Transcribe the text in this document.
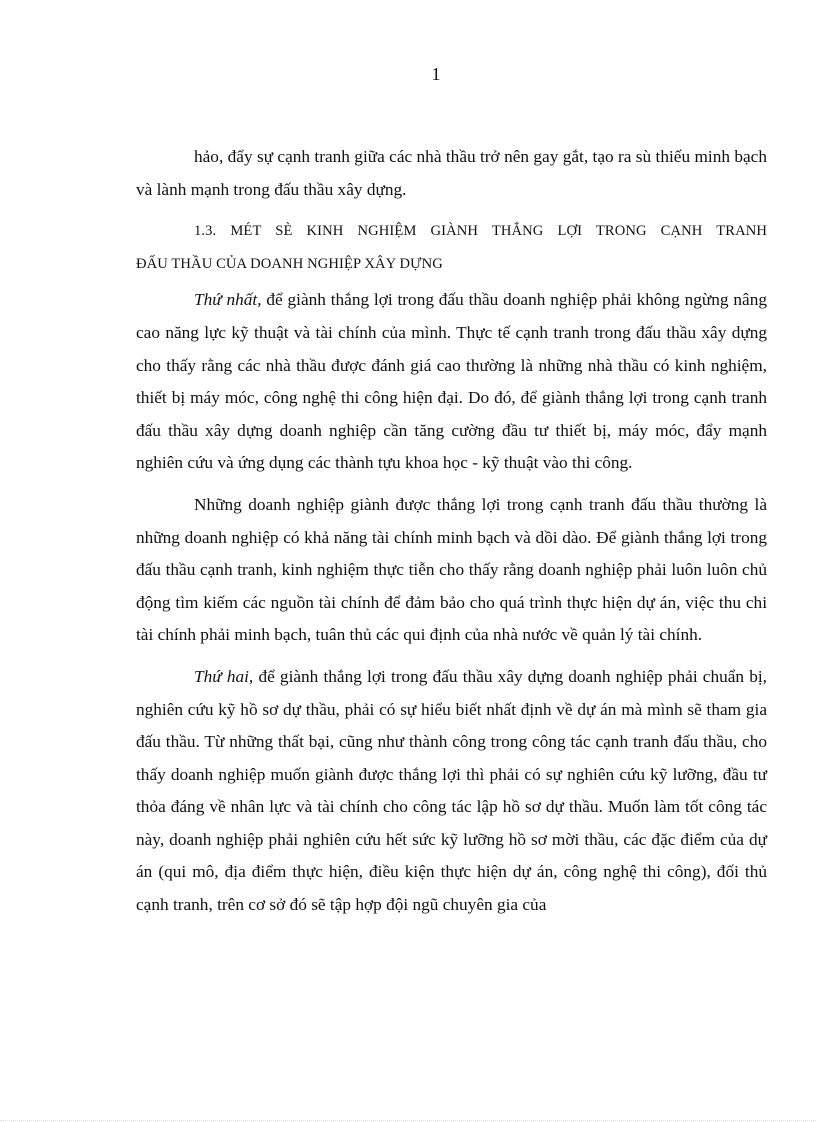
1

hảo, đẩy sự cạnh tranh giữa các nhà thầu trở nên gay gắt, tạo ra sù thiếu minh bạch và lành mạnh trong đấu thầu xây dựng.

1.3. MÉT SÈ KINH NGHIỆM GIÀNH THẮNG LỢI TRONG CẠNH TRANH
ĐẤU THẦU CỦA DOANH NGHIỆP XÂY DỰNG

Thứ nhất, để giành thắng lợi trong đấu thầu doanh nghiệp phải không ngừng nâng cao năng lực kỹ thuật và tài chính của mình. Thực tế cạnh tranh trong đấu thầu xây dựng cho thấy rằng các nhà thầu được đánh giá cao thường là những nhà thầu có kinh nghiệm, thiết bị máy móc, công nghệ thi công hiện đại. Do đó, để giành thắng lợi trong cạnh tranh đấu thầu xây dựng doanh nghiệp cần tăng cường đầu tư thiết bị, máy móc, đẩy mạnh nghiên cứu và ứng dụng các thành tựu khoa học - kỹ thuật vào thi công.

Những doanh nghiệp giành được thắng lợi trong cạnh tranh đấu thầu thường là những doanh nghiệp có khả năng tài chính minh bạch và dồi dào. Để giành thắng lợi trong đấu thầu cạnh tranh, kinh nghiệm thực tiễn cho thấy rằng doanh nghiệp phải luôn luôn chủ động tìm kiếm các nguồn tài chính để đảm bảo cho quá trình thực hiện dự án, việc thu chi tài chính phải minh bạch, tuân thủ các qui định của nhà nước về quản lý tài chính.

Thứ hai, để giành thắng lợi trong đấu thầu xây dựng doanh nghiệp phải chuẩn bị, nghiên cứu kỹ hồ sơ dự thầu, phải có sự hiểu biết nhất định về dự án mà mình sẽ tham gia đấu thầu. Từ những thất bại, cũng như thành công trong công tác cạnh tranh đấu thầu, cho thấy doanh nghiệp muốn giành được thắng lợi thì phải có sự nghiên cứu kỹ lưỡng, đầu tư thỏa đáng về nhân lực và tài chính cho công tác lập hồ sơ dự thầu. Muốn làm tốt công tác này, doanh nghiệp phải nghiên cứu hết sức kỹ lưỡng hồ sơ mời thầu, các đặc điểm của dự án (qui mô, địa điểm thực hiện, điều kiện thực hiện dự án, công nghệ thi công), đối thủ cạnh tranh, trên cơ sở đó sẽ tập hợp đội ngũ chuyên gia của
